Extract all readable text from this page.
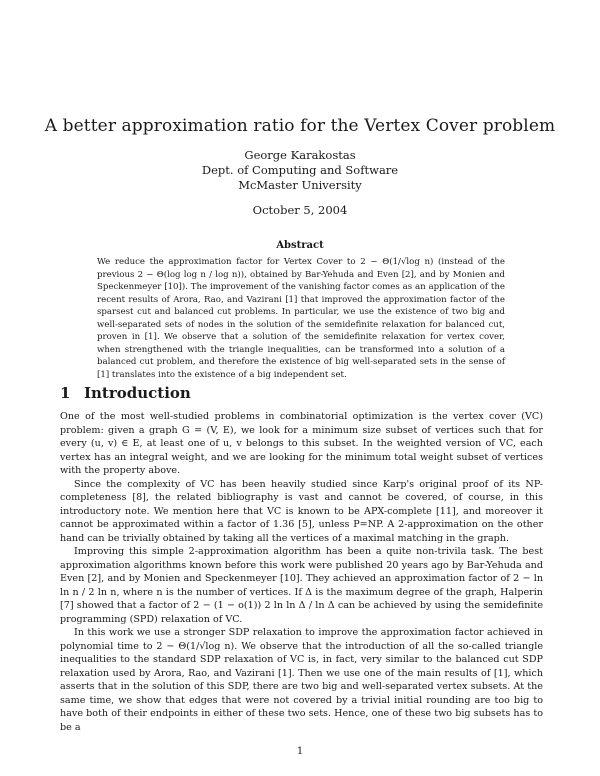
A better approximation ratio for the Vertex Cover problem
George Karakostas
Dept. of Computing and Software
McMaster University
October 5, 2004
Abstract

We reduce the approximation factor for Vertex Cover to 2 − Θ(1/√log n) (instead of the previous 2 − Θ(log log n / log n)), obtained by Bar-Yehuda and Even [2], and by Monien and Speckenmeyer [10]). The improvement of the vanishing factor comes as an application of the recent results of Arora, Rao, and Vazirani [1] that improved the approximation factor of the sparsest cut and balanced cut problems. In particular, we use the existence of two big and well-separated sets of nodes in the solution of the semidefinite relaxation for balanced cut, proven in [1]. We observe that a solution of the semidefinite relaxation for vertex cover, when strengthened with the triangle inequalities, can be transformed into a solution of a balanced cut problem, and therefore the existence of big well-separated sets in the sense of [1] translates into the existence of a big independent set.

1 Introduction

One of the most well-studied problems in combinatorial optimization is the vertex cover (VC) problem: given a graph G = (V, E), we look for a minimum size subset of vertices such that for every (u, v) ∈ E, at least one of u, v belongs to this subset. In the weighted version of VC, each vertex has an integral weight, and we are looking for the minimum total weight subset of vertices with the property above.

Since the complexity of VC has been heavily studied since Karp's original proof of its NP-completeness [8], the related bibliography is vast and cannot be covered, of course, in this introductory note. We mention here that VC is known to be APX-complete [11], and moreover it cannot be approximated within a factor of 1.36 [5], unless P=NP. A 2-approximation on the other hand can be trivially obtained by taking all the vertices of a maximal matching in the graph.

Improving this simple 2-approximation algorithm has been a quite non-trivila task. The best approximation algorithms known before this work were published 20 years ago by Bar-Yehuda and Even [2], and by Monien and Speckenmeyer [10]. They achieved an approximation factor of 2 − ln ln n / 2 ln n, where n is the number of vertices. If Δ is the maximum degree of the graph, Halperin [7] showed that a factor of 2 − (1 − o(1)) 2 ln ln Δ / ln Δ can be achieved by using the semidefinite programming (SPD) relaxation of VC.

In this work we use a stronger SDP relaxation to improve the approximation factor achieved in polynomial time to 2 − Θ(1/√log n). We observe that the introduction of all the so-called triangle inequalities to the standard SDP relaxation of VC is, in fact, very similar to the balanced cut SDP relaxation used by Arora, Rao, and Vazirani [1]. Then we use one of the main results of [1], which asserts that in the solution of this SDP, there are two big and well-separated vertex subsets. At the same time, we show that edges that were not covered by a trivial initial rounding are too big to have both of their endpoints in either of these two sets. Hence, one of these two big subsets has to be a

1
